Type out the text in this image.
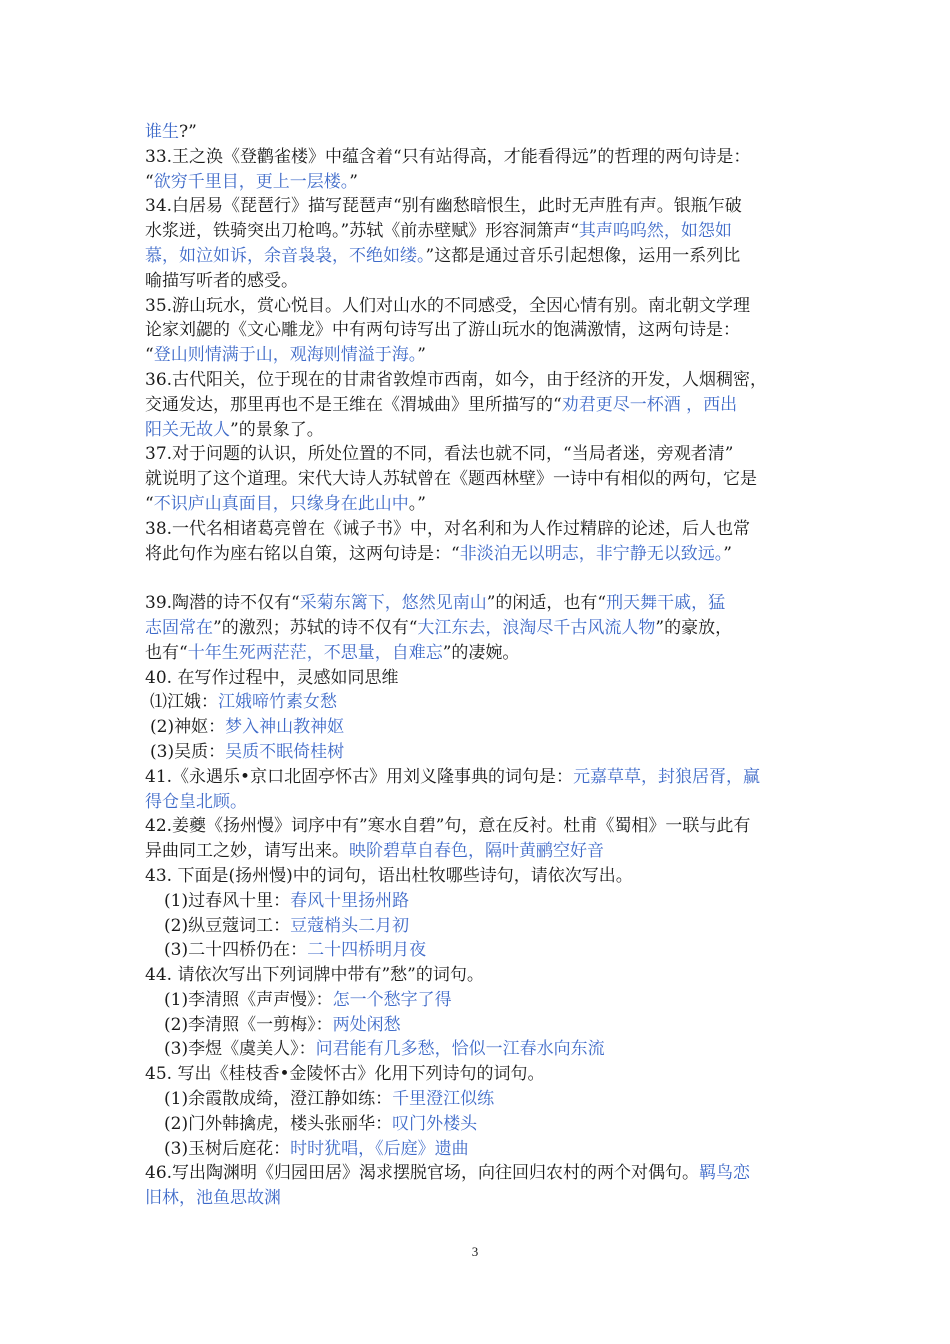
谁生?”
33.王之涣《登鹳雀楼》中蕴含着“只有站得高，才能看得远”的哲理的两句诗是：
“欲穷千里目，更上一层楼。”
34.白居易《琵琶行》描写琵琶声“别有幽愁暗恨生，此时无声胜有声。银瓶乍破
水浆迸，铁骑突出刀枪鸣。”苏轼《前赤壁赋》形容洞箫声“其声呜呜然，如怨如
慕，如泣如诉，余音袅袅，不绝如缕。”这都是通过音乐引起想像，运用一系列比
喻描写听者的感受。
35.游山玩水，赏心悦目。人们对山水的不同感受，全因心情有别。南北朝文学理
论家刘勰的《文心雕龙》中有两句诗写出了游山玩水的饱满激情，这两句诗是：
“登山则情满于山，观海则情溢于海。”
36.古代阳关，位于现在的甘肃省敦煌市西南，如今，由于经济的开发，人烟稠密，
交通发达，那里再也不是王维在《渭城曲》里所描写的“劝君更尽一杯酒 ，西出
阳关无故人”的景象了。
37.对于问题的认识，所处位置的不同，看法也就不同，“当局者迷，旁观者清”
就说明了这个道理。宋代大诗人苏轼曾在《题西林壁》一诗中有相似的两句，它是
“不识庐山真面目，只缘身在此山中。”
38.一代名相诸葛亮曾在《诫子书》中，对名利和为人作过精辟的论述，后人也常
将此句作为座右铭以自策，这两句诗是：“非淡泊无以明志，非宁静无以致远。”
39.陶潜的诗不仅有“采菊东篱下，悠然见南山”的闲适，也有“刑天舞干戚，猛
志固常在”的激烈；苏轼的诗不仅有“大江东去，浪淘尽千古风流人物”的豪放，
也有“十年生死两茫茫，不思量，自难忘”的凄婉。
40. 在写作过程中，灵感如同思维
⑴江娥：江娥啼竹素女愁
(2)神妪：梦入神山教神妪
(3)吴质：吴质不眠倚桂树
41.《永遇乐•京口北固亭怀古》用刘义隆事典的词句是：元嘉草草，封狼居胥，赢
得仓皇北顾。
42.姜夔《扬州慢》词序中有”寒水自碧”句，意在反衬。杜甫《蜀相》一联与此有
异曲同工之妙，请写出来。映阶碧草自春色，隔叶黄鹂空好音
43. 下面是(扬州慢)中的词句，语出杜牧哪些诗句，请依次写出。
(1)过春风十里：春风十里扬州路
(2)纵豆蔻词工：豆蔻梢头二月初
(3)二十四桥仍在：二十四桥明月夜
44. 请依次写出下列词牌中带有”愁”的词句。
(1)李清照《声声慢》：怎一个愁字了得
(2)李清照《一剪梅》：两处闲愁
(3)李煜《虞美人》：问君能有几多愁，恰似一江春水向东流
45. 写出《桂枝香•金陵怀古》化用下列诗句的词句。
(1)余霞散成绮，澄江静如练：千里澄江似练
(2)门外韩擒虎，楼头张丽华：叹门外楼头
(3)玉树后庭花：时时犹唱，《后庭》遗曲
46.写出陶渊明《归园田居》渴求摆脱官场，向往回归农村的两个对偶句。羁鸟恋
旧林，池鱼思故渊
3
